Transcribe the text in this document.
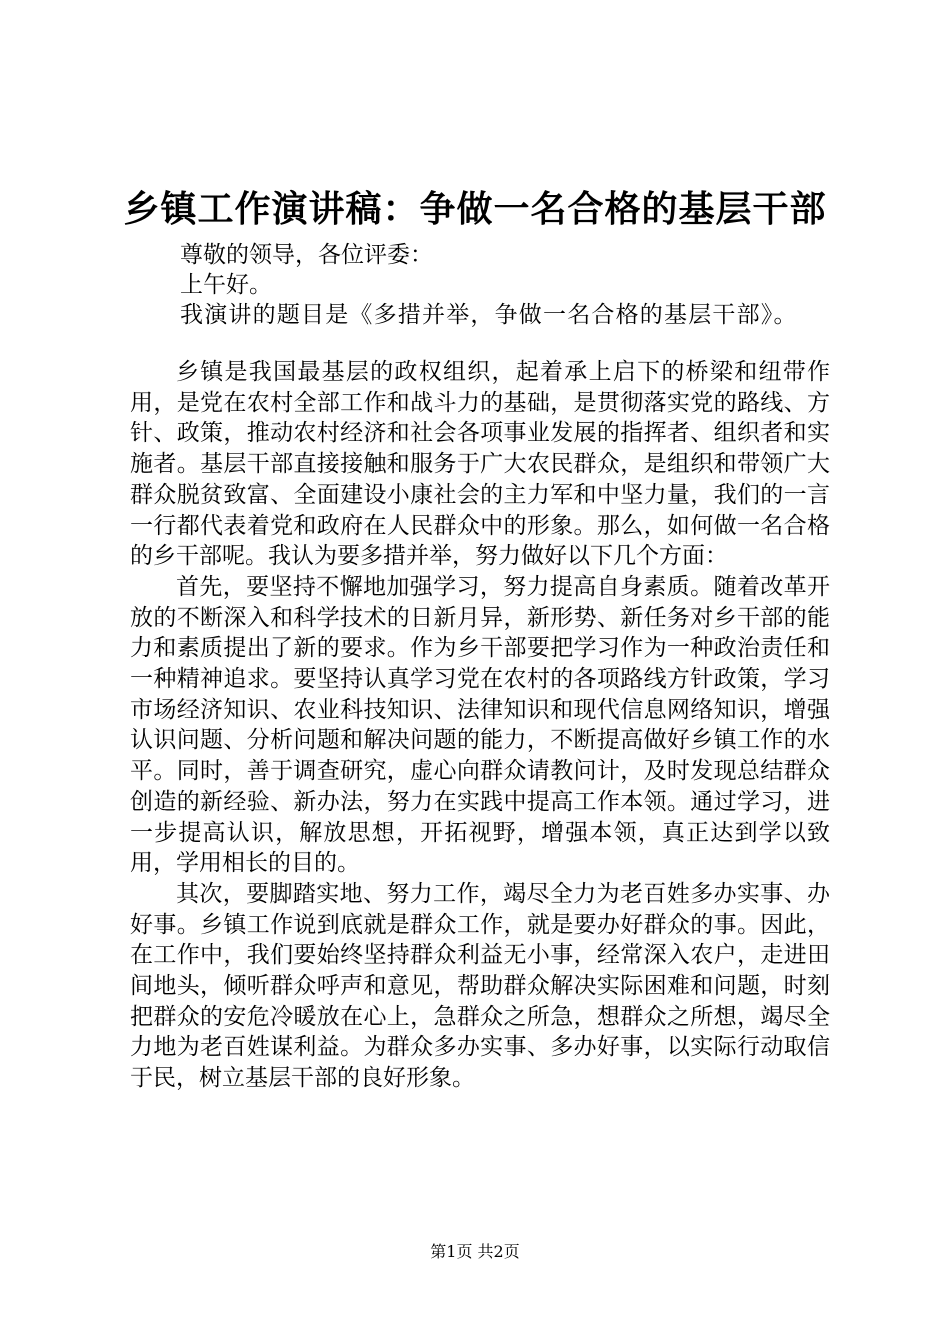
乡镇工作演讲稿：争做一名合格的基层干部
尊敬的领导，各位评委：
上午好。
我演讲的题目是《多措并举，争做一名合格的基层干部》。

乡镇是我国最基层的政权组织，起着承上启下的桥梁和纽带作用，是党在农村全部工作和战斗力的基础，是贯彻落实党的路线、方针、政策，推动农村经济和社会各项事业发展的指挥者、组织者和实施者。基层干部直接接触和服务于广大农民群众，是组织和带领广大群众脱贫致富、全面建设小康社会的主力军和中坚力量，我们的一言一行都代表着党和政府在人民群众中的形象。那么，如何做一名合格的乡干部呢。我认为要多措并举，努力做好以下几个方面：

首先，要坚持不懈地加强学习，努力提高自身素质。随着改革开放的不断深入和科学技术的日新月异，新形势、新任务对乡干部的能力和素质提出了新的要求。作为乡干部要把学习作为一种政治责任和一种精神追求。要坚持认真学习党在农村的各项路线方针政策，学习市场经济知识、农业科技知识、法律知识和现代信息网络知识，增强认识问题、分析问题和解决问题的能力，不断提高做好乡镇工作的水平。同时，善于调查研究，虚心向群众请教问计，及时发现总结群众创造的新经验、新办法，努力在实践中提高工作本领。通过学习，进一步提高认识，解放思想，开拓视野，增强本领，真正达到学以致用，学用相长的目的。

其次，要脚踏实地、努力工作，竭尽全力为老百姓多办实事、办好事。乡镇工作说到底就是群众工作，就是要办好群众的事。因此，在工作中，我们要始终坚持群众利益无小事，经常深入农户，走进田间地头，倾听群众呼声和意见，帮助群众解决实际困难和问题，时刻把群众的安危冷暖放在心上，急群众之所急，想群众之所想，竭尽全力地为老百姓谋利益。为群众多办实事、多办好事，以实际行动取信于民，树立基层干部的良好形象。

第1页 共2页
